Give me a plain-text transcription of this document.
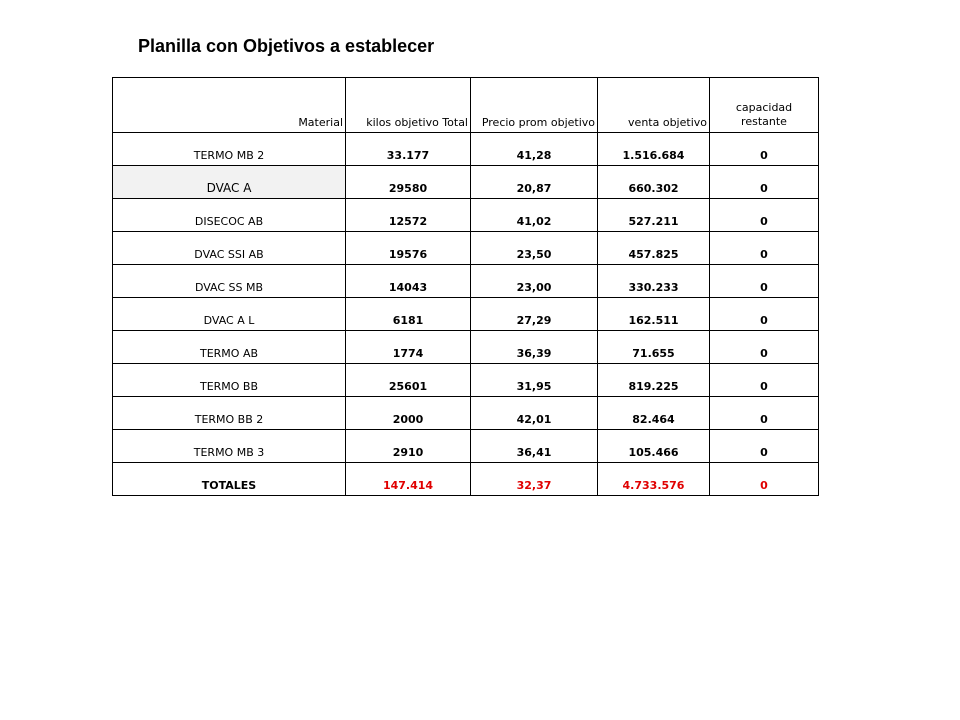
Planilla con Objetivos a establecer
Material	kilos objetivo Total	Precio prom objetivo	venta objetivo	capacidad restante
TERMO MB 2	33.177	41,28	1.516.684	0
DVAC A	29580	20,87	660.302	0
DISECOC AB	12572	41,02	527.211	0
DVAC SSI AB	19576	23,50	457.825	0
DVAC SS MB	14043	23,00	330.233	0
DVAC A L	6181	27,29	162.511	0
TERMO AB	1774	36,39	71.655	0
TERMO BB	25601	31,95	819.225	0
TERMO BB 2	2000	42,01	82.464	0
TERMO MB 3	2910	36,41	105.466	0
TOTALES	147.414	32,37	4.733.576	0
